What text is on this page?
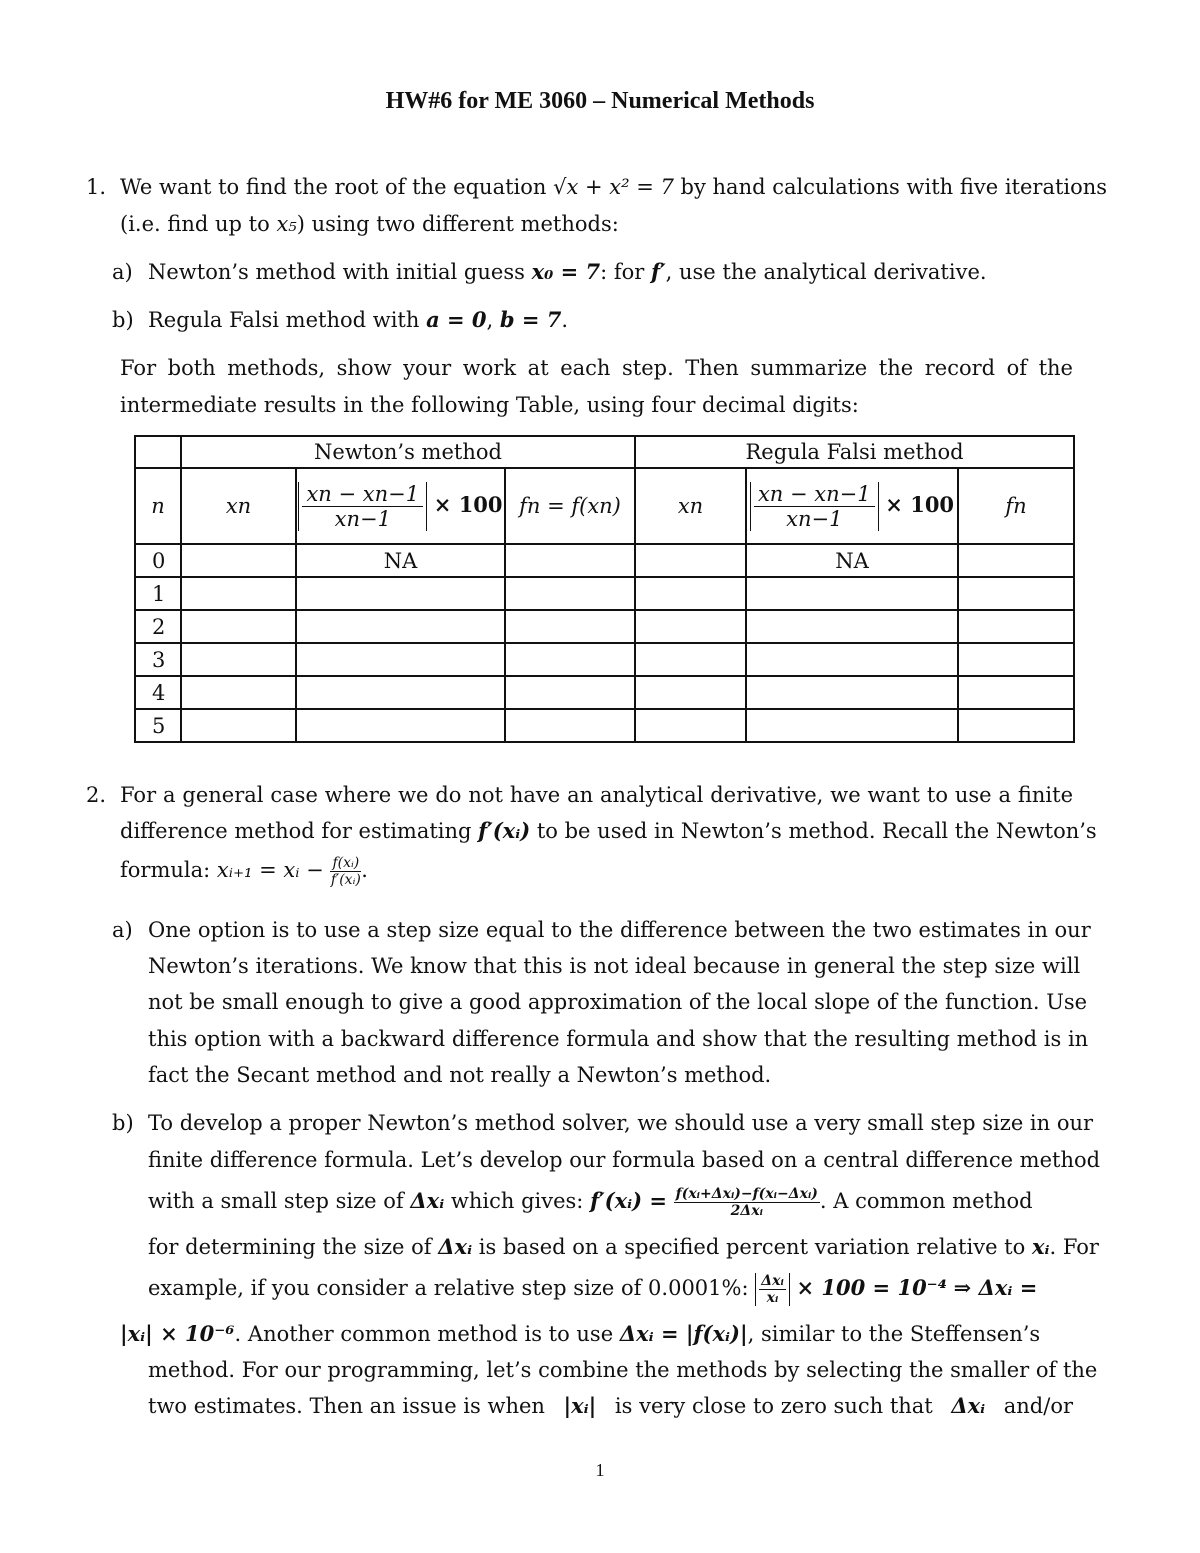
HW#6 for ME 3060 – Numerical Methods
1. We want to find the root of the equation √x + x² = 7 by hand calculations with five iterations
(i.e. find up to x₅) using two different methods:
a) Newton’s method with initial guess x₀ = 7: for f′, use the analytical derivative.
b) Regula Falsi method with a = 0, b = 7.
For both methods, show your work at each step. Then summarize the record of the
intermediate results in the following Table, using four decimal digits:
	Newton’s method			Regula Falsi method		
n	xn	$\frac{xn - xn-1}{xn-1} \times 100$	fn = f(xn)	xn	$\frac{xn - xn-1}{xn-1} \times 100$	fn
0		NA			NA	
1						
2						
3						
4						
5						
2. For a general case where we do not have an analytical derivative, we want to use a finite
difference method for estimating f′(xᵢ) to be used in Newton’s method. Recall the Newton’s
formula: xᵢ₊₁ = xᵢ − $\frac{\text{f(xᵢ)}}{\text{f′(xᵢ)}}$ .
a) One option is to use a step size equal to the difference between the two estimates in our
Newton’s iterations. We know that this is not ideal because in general the step size will
not be small enough to give a good approximation of the local slope of the function. Use
this option with a backward difference formula and show that the resulting method is in
fact the Secant method and not really a Newton’s method.
b) To develop a proper Newton’s method solver, we should use a very small step size in our
finite difference formula. Let’s develop our formula based on a central difference method
with a small step size of Δxᵢ which gives: f′(xᵢ) = f(xᵢ+Δxᵢ)−f(xᵢ−Δxᵢ)
2Δxᵢ	. A common method
for determining the size of Δxᵢ is based on a specified percent variation relative to xᵢ. For
example, if you consider a relative step size of 0.0001%: Δxᵢ
xᵢ × 100 = 10⁻⁴ ⇒ Δxᵢ =
|xᵢ| × 10⁻⁶. Another common method is to use Δxᵢ = |f(xᵢ)|, similar to the Steffensen’s
method. For our programming, let’s combine the methods by selecting the smaller of the
two estimates. Then an issue is when |xᵢ| is very close to zero such that Δxᵢ and/or
1
